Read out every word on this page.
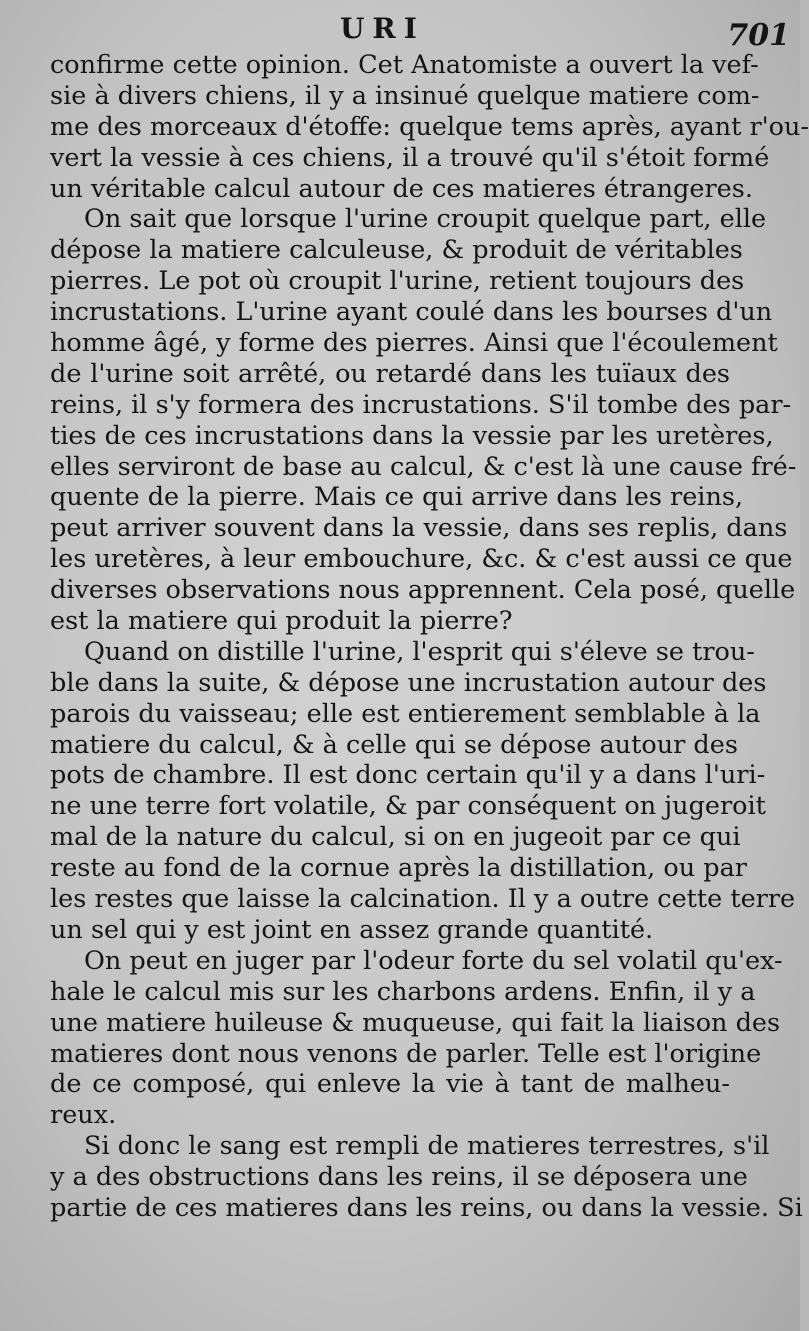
URI	701
confirme cette opinion. Cet Anatomiste a ouvert la vef-
sie à divers chiens, il y a insinué quelque matiere com-
me des morceaux d'étoffe: quelque tems après, ayant r'ou-
vert la vessie à ces chiens, il a trouvé qu'il s'étoit formé
un véritable calcul autour de ces matieres étrangeres.
On sait que lorsque l'urine croupit quelque part, elle
dépose la matiere calculeuse, & produit de véritables
pierres. Le pot où croupit l'urine, retient toujours des
incrustations. L'urine ayant coulé dans les bourses d'un
homme âgé, y forme des pierres. Ainsi que l'écoulement
de l'urine soit arrêté, ou retardé dans les tuïaux des
reins, il s'y formera des incrustations. S'il tombe des par-
ties de ces incrustations dans la vessie par les uretères,
elles serviront de base au calcul, & c'est là une cause fré-
quente de la pierre. Mais ce qui arrive dans les reins,
peut arriver souvent dans la vessie, dans ses replis, dans
les uretères, à leur embouchure, &c. & c'est aussi ce que
diverses observations nous apprennent. Cela posé, quelle
est la matiere qui produit la pierre?
Quand on distille l'urine, l'esprit qui s'éleve se trou-
ble dans la suite, & dépose une incrustation autour des
parois du vaisseau; elle est entierement semblable à la
matiere du calcul, & à celle qui se dépose autour des
pots de chambre. Il est donc certain qu'il y a dans l'uri-
ne une terre fort volatile, & par conséquent on jugeroit
mal de la nature du calcul, si on en jugeoit par ce qui
reste au fond de la cornue après la distillation, ou par
les restes que laisse la calcination. Il y a outre cette terre
un sel qui y est joint en assez grande quantité.
On peut en juger par l'odeur forte du sel volatil qu'ex-
hale le calcul mis sur les charbons ardens. Enfin, il y a
une matiere huileuse & muqueuse, qui fait la liaison des
matieres dont nous venons de parler. Telle est l'origine
de ce composé, qui enleve la vie à tant de malheu-
reux.
Si donc le sang est rempli de matieres terrestres, s'il
y a des obstructions dans les reins, il se déposera une
partie de ces matieres dans les reins, ou dans la vessie. Si
